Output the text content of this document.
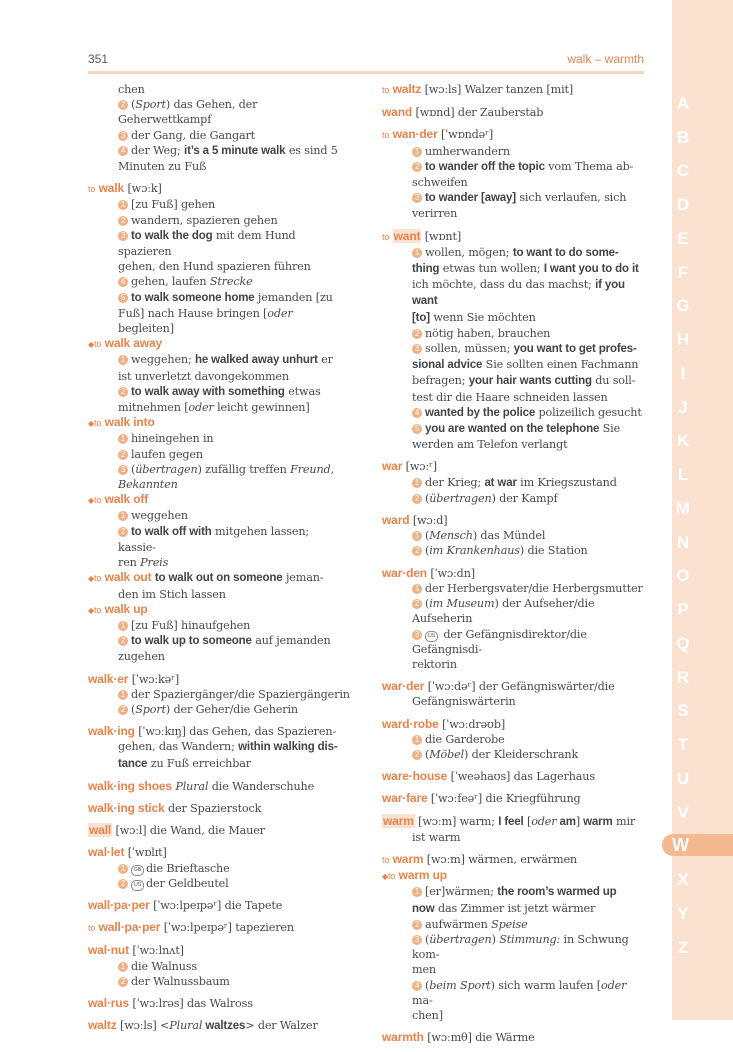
351	walk – warmth
chen
2 (Sport) das Gehen, der Geherwettkampf
3 der Gang, die Gangart
4 der Weg; it’s a 5 minute walk es sind 5
Minuten zu Fuß
to walk [wɔːk]
1 [zu Fuß] gehen
2 wandern, spazieren gehen
3 to walk the dog mit dem Hund spazieren
gehen, den Hund spazieren führen
4 gehen, laufen Strecke
5 to walk someone home jemanden [zu
Fuß] nach Hause bringen [oder begleiten]
◆to walk away
1 weggehen; he walked away unhurt er
ist unverletzt davongekommen
2 to walk away with something etwas
mitnehmen [oder leicht gewinnen]
◆to walk into
1 hineingehen in
2 laufen gegen
3 (übertragen) zufällig treffen Freund,
Bekannten
◆to walk off
1 weggehen
2 to walk off with mitgehen lassen; kassie-
ren Preis
◆to walk out to walk out on someone jeman-
den im Stich lassen
◆to walk up
1 [zu Fuß] hinaufgehen
2 to walk up to someone auf jemanden
zugehen
walk·er [ˈwɔːkəʳ]
1 der Spaziergänger/die Spaziergängerin
2 (Sport) der Geher/die Geherin
walk·ing [ˈwɔːkɪŋ] das Gehen, das Spazieren-
gehen, das Wandern; within walking dis-
tance zu Fuß erreichbar
walk·ing shoes Plural die Wanderschuhe
walk·ing stick der Spazierstock
wall [wɔːl] die Wand, die Mauer
wal·let [ˈwɒlɪt]
1 GB die Brieftasche
2 US der Geldbeutel
wall·pa·per [ˈwɔːlpeɪpəʳ] die Tapete
to wall·pa·per [ˈwɔːlpeɪpəʳ] tapezieren
wal·nut [ˈwɔːlnʌt]
1 die Walnuss
2 der Walnussbaum
wal·rus [ˈwɔːlrəs] das Walross
waltz [wɔːls] <Plural waltzes> der Walzer
to waltz [wɔːls] Walzer tanzen [mit]
wand [wɒnd] der Zauberstab
to wan·der [ˈwɒndəʳ]
1 umherwandern
2 to wander off the topic vom Thema ab-
schweifen
3 to wander [away] sich verlaufen, sich
verirren
to want [wɒnt]
1 wollen, mögen; to want to do some-
thing etwas tun wollen; I want you to do it
ich möchte, dass du das machst; if you want
[to] wenn Sie möchten
2 nötig haben, brauchen
3 sollen, müssen; you want to get profes-
sional advice Sie sollten einen Fachmann
befragen; your hair wants cutting du soll-
test dir die Haare schneiden lassen
4 wanted by the police polizeilich gesucht
5 you are wanted on the telephone Sie
werden am Telefon verlangt
war [wɔːʳ]
1 der Krieg; at war im Kriegszustand
2 (übertragen) der Kampf
ward [wɔːd]
1 (Mensch) das Mündel
2 (im Krankenhaus) die Station
war·den [ˈwɔːdn]
1 der Herbergsvater/die Herbergsmutter
2 (im Museum) der Aufseher/die Aufseherin
3 US der Gefängnisdirektor/die Gefängnisdi-
rektorin
war·der [ˈwɔːdəʳ] der Gefängniswärter/die
Gefängniswärterin
ward·robe [ˈwɔːdrəʊb]
1 die Garderobe
2 (Möbel) der Kleiderschrank
ware·house [ˈweəhaʊs] das Lagerhaus
war·fare [ˈwɔːfeəʳ] die Kriegführung
warm [wɔːm] warm; I feel [oder am] warm mir
ist warm
to warm [wɔːm] wärmen, erwärmen
◆to warm up
1 [er]wärmen; the room’s warmed up
now das Zimmer ist jetzt wärmer
2 aufwärmen Speise
3 (übertragen) Stimmung: in Schwung kom-
men
4 (beim Sport) sich warm laufen [oder ma-
chen]
warmth [wɔːmθ] die Wärme
A
B
C
D
E
F
G
H
I
J
K
L
M
N
O
P
Q
R
S
T
U
V
X
Y
Z
W
